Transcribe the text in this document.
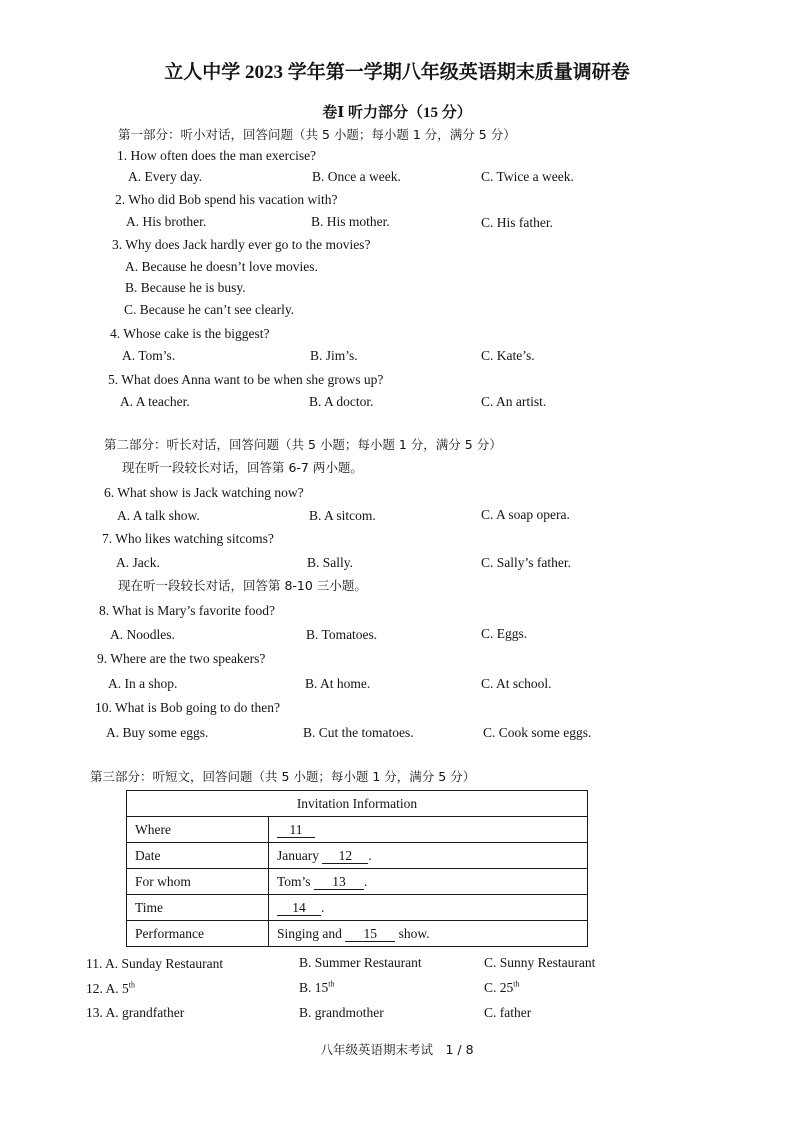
立人中学 2023 学年第一学期八年级英语期末质量调研卷
卷Ⅰ 听力部分（15 分）
第一部分：听小对话，回答问题（共 5 小题；每小题 1 分，满分 5 分）
1. How often does the man exercise?
A. Every day.	B. Once a week.	C. Twice a week.
2. Who did Bob spend his vacation with?
A. His brother.	B. His mother.	C. His father.
3. Why does Jack hardly ever go to the movies?
A. Because he doesn’t love movies.
B. Because he is busy.
C. Because he can’t see clearly.
4. Whose cake is the biggest?
A. Tom’s.	B. Jim’s.	C. Kate’s.
5. What does Anna want to be when she grows up?
A. A teacher.	B. A doctor.	C. An artist.
第二部分：听长对话，回答问题（共 5 小题；每小题 1 分，满分 5 分）
现在听一段较长对话，回答第 6-7 两小题。
6. What show is Jack watching now?
A. A talk show.	B. A sitcom.	C. A soap opera.
7. Who likes watching sitcoms?
A. Jack.	B. Sally.	C. Sally’s father.
现在听一段较长对话，回答第 8-10 三小题。
8. What is Mary’s favorite food?
A. Noodles.	B. Tomatoes.	C. Eggs.
9. Where are the two speakers?
A. In a shop.	B. At home.	C. At school.
10. What is Bob going to do then?
A. Buy some eggs.	B. Cut the tomatoes.	C. Cook some eggs.
第三部分：听短文，回答问题（共 5 小题；每小题 1 分，满分 5 分）
Invitation Information	
Where	11
Date	January 12 .
For whom	Tom’s 13 .
Time	14 .
Performance	Singing and 15 show.
11. A. Sunday Restaurant	B. Summer Restaurant	C. Sunny Restaurant
12. A. 5th	B. 15th	C. 25th
13. A. grandfather	B. grandmother	C. father
八年级英语期末考试　1 / 8
